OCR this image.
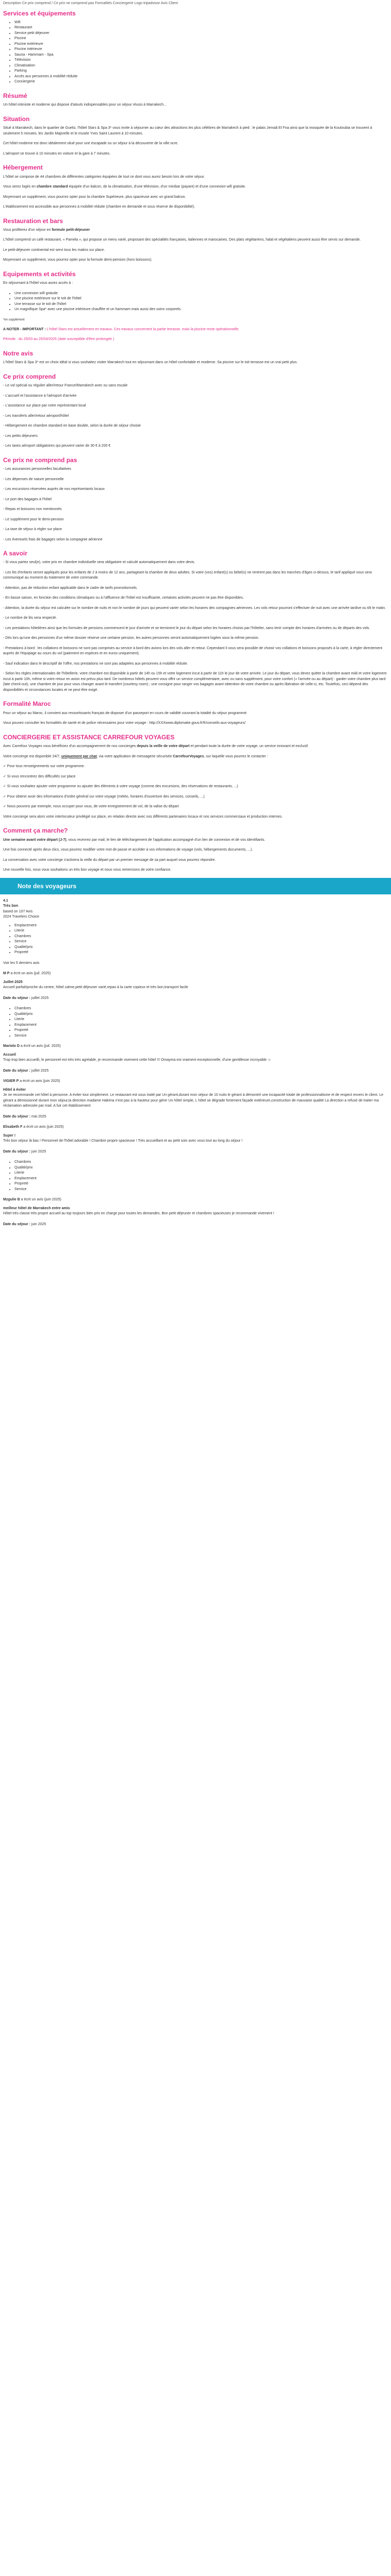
Description Ce prix comprend / Ce prix ne comprend pas Formalités Conciergerie Logo tripadvisor Avis Client
Services et équipements
• Wifi
• Restaurant
• Service petit déjeuner
• Piscine
• Piscine extérieure
• Piscine intérieure
• Sauna - Hammam - Spa
• Télévision
• Climatisation
• Parking
• Accès aux personnes à mobilité réduite
• Conciergerie
Résumé

Un hôtel intimiste et moderne qui dispose d'atouts indispensables pour un séjour réussi à Marrakech...

Situation

Situé à Marrakech, dans le quartier de Gueliz, l'hôtel Stars & Spa 3* vous invite à séjourner au cœur des attractions les plus célèbres de Marrakech à pied : le palais Jemaâ El Fna ainsi que la mosquée de la Koutoubia se trouvent à seulement 5 minutes, les Jardin Majorelle et le musée Yves Saint Laurent à 10 minutes.

Cet hôtel moderne est donc idéalement situé pour une escapade ou un séjour à la découverte de la ville ocre.

L'aéroport se trouve à 10 minutes en voiture et la gare à 7 minutes.

Hébergement

L'hôtel se compose de 44 chambres de différentes catégories équipées de tout ce dont vous aurez besoin lors de votre séjour.

Vous serez logés en chambre standard équipée d'un balcon, de la climatisation, d'une télévision, d'un minibar (payant) et d'une connexion wifi gratuite.

Moyennant un supplément, vous pourrez opter pour la chambre Supérieure, plus spacieuse avec un grand balcon.

L'établissement est accessible aux personnes à mobilité réduite (chambre en demande et sous réserve de disponibilité).

Restauration et bars

Vous profiterez d'un séjour en formule petit-déjeuner

L'hôtel comprend un café restaurant, « Pamela », qui propose un menu varié, proposant des spécialités françaises, italiennes et marocaines. Des plats végétariens, halal et végétaliens peuvent aussi être servis sur demande.

Le petit-déjeuner continental est servi tous les matins sur place.

Moyennant un supplément, vous pourrez opter pour la formule demi-pension (hors boissons).

Equipements et activités

En séjournant à l'hôtel vous aurez accès à :

• Une connexion wifi gratuite
• Une piscine extérieure sur le toit de l'hôtel
• Une terrasse sur le toit de l'hôtel
• Un magnifique Spa* avec une piscine intérieure chauffée et un hammam mais aussi des soins corporels.

*en supplément

A NOTER - IMPORTANT : L'hôtel Stars est actuellement en travaux. Ces travaux concernent la partie terrasse, mais la piscine reste opérationnelle.

Période : du 25/03 au 25/04/2025 (date susceptible d'être prolongée )

Notre avis

L'hôtel Stars & Spa 3* est un choix idéal si vous souhaitez visiter Marrakech tout en séjournant dans un hôtel confortable et moderne. Sa piscine sur le toit terrasse est un vrai petit plus.

Ce prix comprend

- Le vol spécial ou régulier aller/retour France/Marrakech avec ou sans escale

- L'accueil et l'assistance à l'aéroport d'arrivée

- L'assistance sur place par notre représentant local

- Les transferts aller/retour aéroport/hôtel

- Hébergement en chambre standard en base double, selon la durée de séjour choisie

- Les petits déjeuners

- Les taxes aéroport obligatoires qui peuvent varier de 30 € à 200 €

Ce prix ne comprend pas

- Les assurances personnelles facultatives

- Les dépenses de nature personnelle

- Les excursions réservées auprès de nos représentants locaux

- Le port des bagages à l'hôtel

- Repas et boissons non mentionnés

- Le supplément pour le demi-pension

- La taxe de séjour à régler sur place

- Les éventuels frais de bagages selon la compagnie aérienne

A savoir

- Si vous partez seul(e), votre prix en chambre individuelle sera obligatoire et calculé automatiquement dans votre devis.

- Les lits d'enfants seront appliqués pour les enfants de 2 à moins de 12 ans, partageant la chambre de deux adultes. Si votre (vos) enfant(s) ou bébé(s) ne rentrent pas dans les tranches d'âges ci-dessus, le tarif appliqué vous sera communiqué au moment du traitement de votre commande.

- Attention, pas de réduction enfant applicable dans le cadre de tarifs promotionnels.

- En basse saison, en fonction des conditions climatiques ou à l'affluence de l'hôtel est insuffisante, certaines activités peuvent ne pas être disponibles.

- Attention, la durée du séjour est calculée sur le nombre de nuits et non le nombre de jours qui peuvent varier selon les horaires des compagnies aériennes. Les vols retour pourront s'effectuer de nuit avec une arrivée tardive ou tôt le matin.

- Le nombre de lits sera respecté.

- Les prestations hôtelières ainsi que les formules de pensions commencent le jour d'arrivée et se terminent le jour du départ selon les horaires choisis par l'hôtelier, sans tenir compte des horaires d'arrivées ou de départs des vols.

- Dès lors qu'une des personnes d'un même dossier réserve une certaine pension, les autres personnes seront automatiquement logées sous la même pension.

- Prestations à bord : les collations et boissons ne sont pas comprises au service à bord des avions lors des vols aller et retour. Cependant il vous sera possible de choisir vos collations et boissons proposés à la carte, à régler directement auprès de l'équipage au cours du vol (paiement en espèces et en euros uniquement).

- Sauf indication dans le descriptif de l'offre, nos prestations ne sont pas adaptées aux personnes à mobilité réduite.

- Selon les règles internationales de l'hôtellerie, votre chambre est disponible à partir de 14h ou 15h et votre logement incut à partir de 11h le jour de votre arrivée. Le jour du départ, vous devez quitter la chambre avant midi et votre logement incut à partir 10h, même si votre retour en avion est prévu plus tard. De nombreux hôtels peuvent vous offrir un service complémentaire, avec ou sans supplément, pour votre confort (« l'arrivée ou au départ) : garder votre chambre plus tard (late check-out), une chambre de jour pour vous changer avant le transfert (courtesy room) ; une consigne pour ranger vos bagages avant obtention de votre chambre ou après libération de celle-ci, etc. Toutefois, ceci dépend des disponibilités et circonstances locales et ne peut être exigé.

Formalité Maroc

Pour un séjour au Maroc, il convient aux ressortissants français de disposer d'un passeport en cours de validité couvrant la totalité du séjour programmé.

Vous pouvez consulter les formalités de santé et de police nécessaires pour votre voyage : http://XXXwww.diplomatie.gouv.fr/fr/conseils-aux-voyageurs/

CONCIERGERIE ET ASSISTANCE CARREFOUR VOYAGES

Avec Carrefour Voyages vous bénéficiez d'un accompagnement de nos concierges depuis la veille de votre départ et pendant toute la durée de votre voyage, un service innovant et exclusif.

Votre concierge est disponible 24/7, uniquement par chat, via votre application de messagerie sécurisée CarrefourVoyages, sur laquelle vous pourrez le contacter :

✓ Pour tous renseignements sur votre programme.

✓ Si vous rencontrez des difficultés sur place

✓ Si vous souhaitez ajouter votre programme ou ajouter des éléments à votre voyage (comme des excursions, des réservations de restaurants, ...)

✓ Pour obtenir avoir des informations d'ordre général sur votre voyage (météo, horaires d'ouverture des services, conseils, ...)

✓ Nous pouvons par exemple, nous occuper pour vous, de votre enregistrement de vol, de la valise du départ

Votre concierge sera alors votre interlocuteur privilégié sur place, en relation directe avec nos différents partenaires locaux et nos services commerciaux et production internes.

Comment ça marche?

Une semaine avant votre départ (J-7), vous recevrez par mail, le lien de téléchargement de l'application accompagné d'un lien de connexion et de vos identifiants.

Une fois connecté après deux clics, vous pourrez modifier votre mot de passe et accéder à vos informations de voyage (vols, hébergements documents, ...).

La conversation avec votre concierge s'activera la veille du départ par un premier message de sa part auquel vous pourrez répondre.

Une nouvelle fois, nous vous souhaitons un très bon voyage et nous vous remercions de votre confiance.

Note des voyageurs
4.1
Très bon
based on 107 Avis
2024 Travelers Choice
• Emplacement
• Literie
• Chambres
• Service
• Qualité/prix
• Propreté

Voir les 5 derniers avis

M P a écrit un avis (juil. 2025)

Juillet 2025

Accueil parfait!proche du centre, hôtel calme,petit déjeuner varié,repas à la carte copieux et très bon,transport facile

Date du séjour : juillet 2025

• Chambres
• Qualité/prix
• Literie
• Emplacement
• Propreté
• Service

Mariolo D a écrit un avis (juil. 2025)

Accueil

Trop trop bien accueilli, le personnel est très très agréable, je recommande vivement cette hôtel !!! Omayma est vraiment exceptionnelle, d'une gentillesse incroyable ☺

Date du séjour : juillet 2025

VIGIER P a écrit un avis (juin 2025)

Hôtel à éviter

Je ne recommande cet hôtel à personne. A éviter tout simplement. Le restaurant est sous traité par Un gérant,durant mon séjour de 10 nuits le gérant à démontré une incapacité totale de professionnalisme et de respect envers le client. Le gérant a démissionné durant mon séjour,la direction madame Hakima n'est pas à la hauteur pour gérer Un hôtel simple, L hôtel se dégrade fortement façade extérieure,construction de mauvaise qualité La direction a refusé de traiter ma réclamation adressée par mail. A fuir cet établissement

Date du séjour : mai 2025

Elisabeth F a écrit un avis (juin 2025)

Super !

Très bon séjour là bas ! Personnel de l'hôtel adorable ! Chambre propre spacieuse ! Très accueillant et au petit soin avec vous tout au long du séjour !

Date du séjour : juin 2025

• Chambres
• Qualité/prix
• Literie
• Emplacement
• Propreté
• Service

Mzgulie B a écrit un avis (juin 2025)

meilleur hôtel de Marrakech entre amis

Hôtel très classe très propre accueil au top toujours bien pris en charge pour toutes les demandes. Bon petit déjeuner et chambres spacieuses je recommande vivement !

Date du séjour : juin 2025
